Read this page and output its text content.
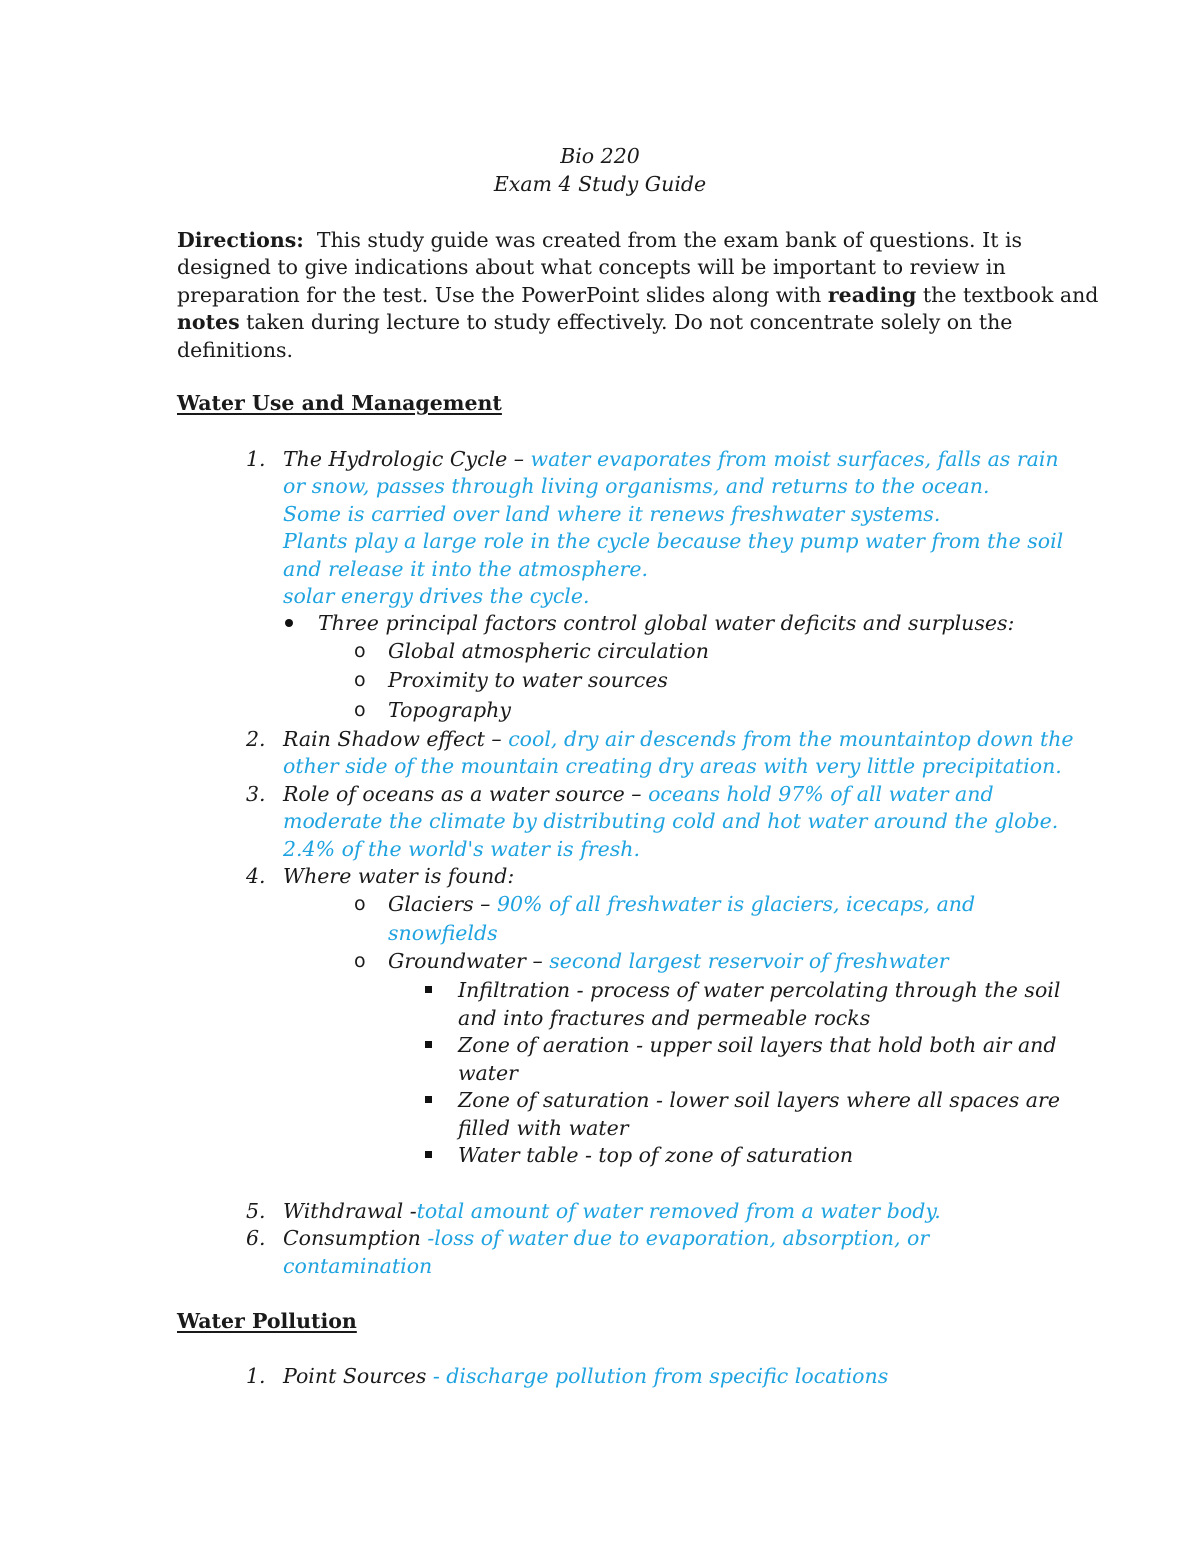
Bio 220
Exam 4 Study Guide
Directions: This study guide was created from the exam bank of questions. It is
designed to give indications about what concepts will be important to review in
preparation for the test. Use the PowerPoint slides along with reading the textbook and
notes taken during lecture to study effectively. Do not concentrate solely on the
definitions.
Water Use and Management
1. The Hydrologic Cycle – water evaporates from moist surfaces, falls as rain
or snow, passes through living organisms, and returns to the ocean.
Some is carried over land where it renews freshwater systems.
Plants play a large role in the cycle because they pump water from the soil
and release it into the atmosphere.
solar energy drives the cycle.
Three principal factors control global water deficits and surpluses:
o Global atmospheric circulation
o Proximity to water sources
o Topography
2. Rain Shadow effect – cool, dry air descends from the mountaintop down the
other side of the mountain creating dry areas with very little precipitation.
3. Role of oceans as a water source – oceans hold 97% of all water and
moderate the climate by distributing cold and hot water around the globe.
2.4% of the world's water is fresh.
4. Where water is found:
o Glaciers – 90% of all freshwater is glaciers, icecaps, and
snowfields
o Groundwater – second largest reservoir of freshwater
Infiltration - process of water percolating through the soil
and into fractures and permeable rocks
Zone of aeration - upper soil layers that hold both air and
water
Zone of saturation - lower soil layers where all spaces are
filled with water
Water table - top of zone of saturation
5. Withdrawal -total amount of water removed from a water body.
6. Consumption -loss of water due to evaporation, absorption, or
contamination
Water Pollution
1. Point Sources - discharge pollution from specific locations
